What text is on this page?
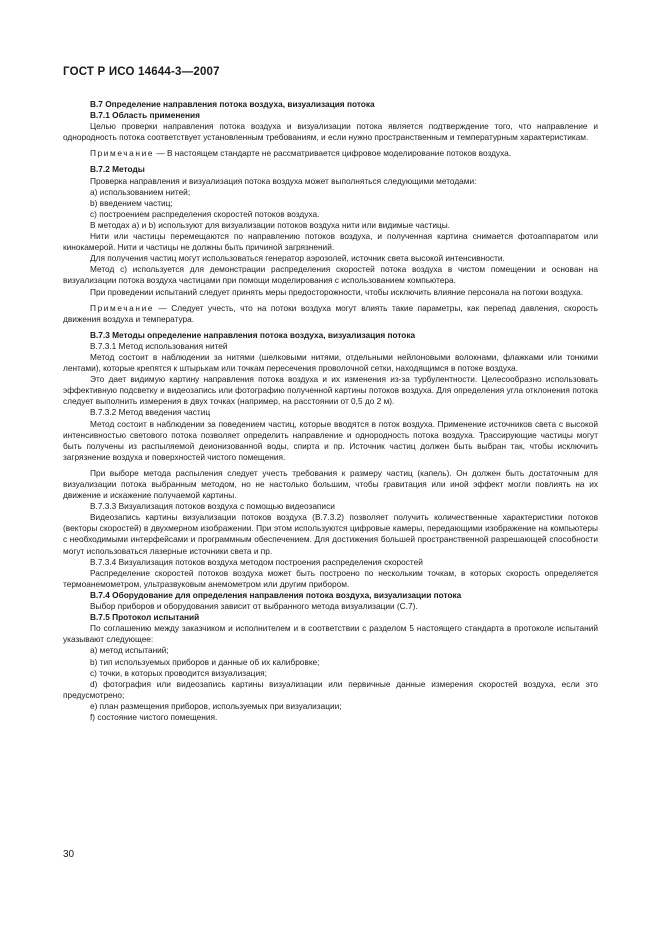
ГОСТ Р ИСО 14644-3—2007

В.7 Определение направления потока воздуха, визуализация потока

В.7.1 Область применения

Целью проверки направления потока воздуха и визуализации потока является подтверждение того, что направление и однородность потока соответствует установленным требованиям, и если нужно пространственным и температурным характеристикам.

Примечание — В настоящем стандарте не рассматривается цифровое моделирование потоков воздуха.

В.7.2 Методы

Проверка направления и визуализация потока воздуха может выполняться следующими методами:

а) использованием нитей;

b) введением частиц;

c) построением распределения скоростей потоков воздуха.

В методах а) и b) используют для визуализации потоков воздуха нити или видимые частицы.

Нити или частицы перемещаются по направлению потоков воздуха, и полученная картина снимается фотоаппаратом или кинокамерой. Нити и частицы не должны быть причиной загрязнений.

Для получения частиц могут использоваться генератор аэрозолей, источник света высокой интенсивности.

Метод с) используется для демонстрации распределения скоростей потока воздуха в чистом помещении и основан на визуализации потока воздуха частицами при помощи моделирования с использованием компьютера.

При проведении испытаний следует принять меры предосторожности, чтобы исключить влияние персонала на потоки воздуха.

Примечание — Следует учесть, что на потоки воздуха могут влиять такие параметры, как перепад давления, скорость движения воздуха и температура.

В.7.3 Методы определение направления потока воздуха, визуализация потока

В.7.3.1 Метод использования нитей

Метод состоит в наблюдении за нитями (шелковыми нитями, отдельными нейлоновыми волокнами, флажками или тонкими лентами), которые крепятся к штырькам или точкам пересечения проволочной сетки, находящимся в потоке воздуха.

Это дает видимую картину направления потока воздуха и их изменения из-за турбулентности. Целесообразно использовать эффективную подсветку и видеозапись или фотографию полученной картины потоков воздуха. Для определения угла отклонения потока следует выполнить измерения в двух точках (например, на расстоянии от 0,5 до 2 м).

В.7.3.2 Метод введения частиц

Метод состоит в наблюдении за поведением частиц, которые вводятся в поток воздуха. Применение источников света с высокой интенсивностью светового потока позволяет определить направление и однородность потока воздуха. Трассирующие частицы могут быть получены из распыляемой деионизованной воды, спирта и пр. Источник частиц должен быть выбран так, чтобы исключить загрязнение воздуха и поверхностей чистого помещения.

При выборе метода распыления следует учесть требования к размеру частиц (капель). Он должен быть достаточным для визуализации потока выбранным методом, но не настолько большим, чтобы гравитация или иной эффект могли повлиять на их движение и искажение получаемой картины.

В.7.3.3 Визуализация потоков воздуха с помощью видеозаписи

Видеозапись картины визуализации потоков воздуха (В.7.3.2) позволяет получить количественные характеристики потоков (векторы скоростей) в двухмерном изображении. При этом используются цифровые камеры, передающими изображение на компьютеры с необходимыми интерфейсами и программным обеспечением. Для достижения большей пространственной разрешающей способности могут использоваться лазерные источники света и пр.

В.7.3.4 Визуализация потоков воздуха методом построения распределения скоростей

Распределение скоростей потоков воздуха может быть построено по нескольким точкам, в которых скорость определяется термоанемометром, ультразвуковым анемометром или другим прибором.

В.7.4 Оборудование для определения направления потока воздуха, визуализации потока

Выбор приборов и оборудования зависит от выбранного метода визуализации (С.7).

В.7.5 Протокол испытаний

По соглашению между заказчиком и исполнителем и в соответствии с разделом 5 настоящего стандарта в протоколе испытаний указывают следующее:

а) метод испытаний;

b) тип используемых приборов и данные об их калибровке;

c) точки, в которых проводится визуализация;

d) фотография или видеозапись картины визуализации или первичные данные измерения скоростей воздуха, если это предусмотрено;

e) план размещения приборов, используемых при визуализации;

f) состояние чистого помещения.

30
